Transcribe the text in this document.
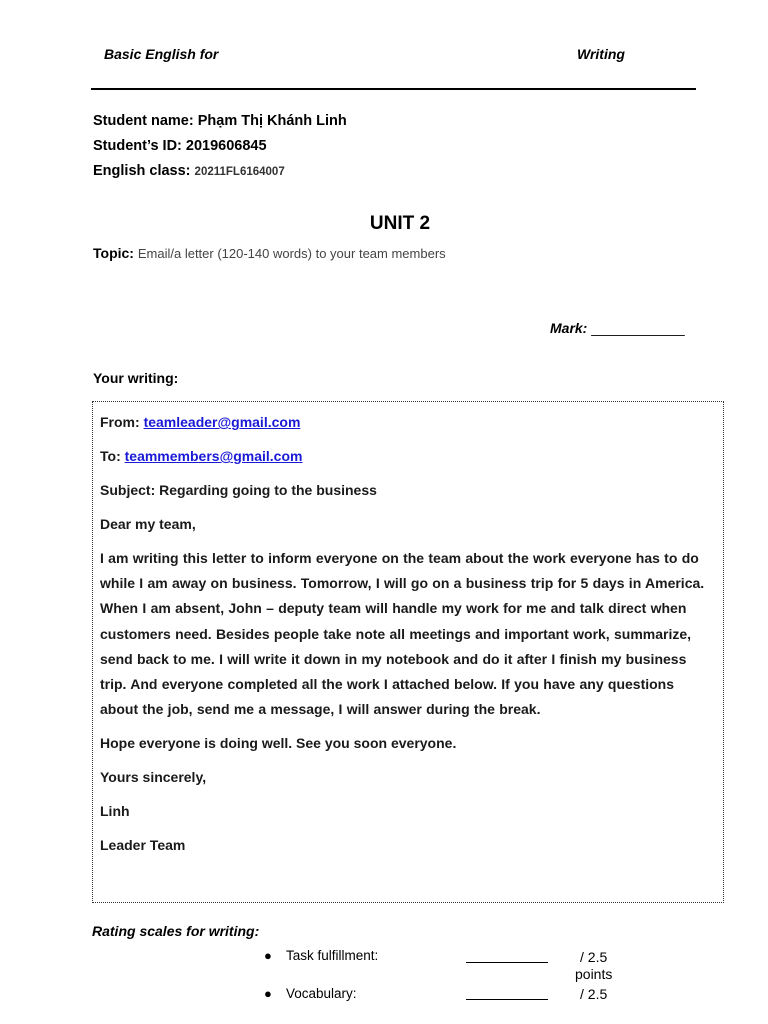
Basic English for	Writing
Student name: Phạm Thị Khánh Linh
Student’s ID: 2019606845
English class: 20211FL6164007
UNIT 2
Topic: Email/a letter (120-140 words) to your team members
Mark: ____________
Your writing:

From: teamleader@gmail.com

To: teammembers@gmail.com

Subject: Regarding going to the business

Dear my team,

I am writing this letter to inform everyone on the team about the work everyone has to do while I am away on business. Tomorrow, I will go on a business trip for 5 days in America. When I am absent, John – deputy team will handle my work for me and talk direct when customers need. Besides people take note all meetings and important work, summarize, send back to me. I will write it down in my notebook and do it after I finish my business trip. And everyone completed all the work I attached below. If you have any questions about the job, send me a message, I will answer during the break.

Hope everyone is doing well. See you soon everyone.

Yours sincerely,

Linh

Leader Team

Rating scales for writing:
● Task fulfillment:	/ 2.5
points
● Vocabulary:	/ 2.5
